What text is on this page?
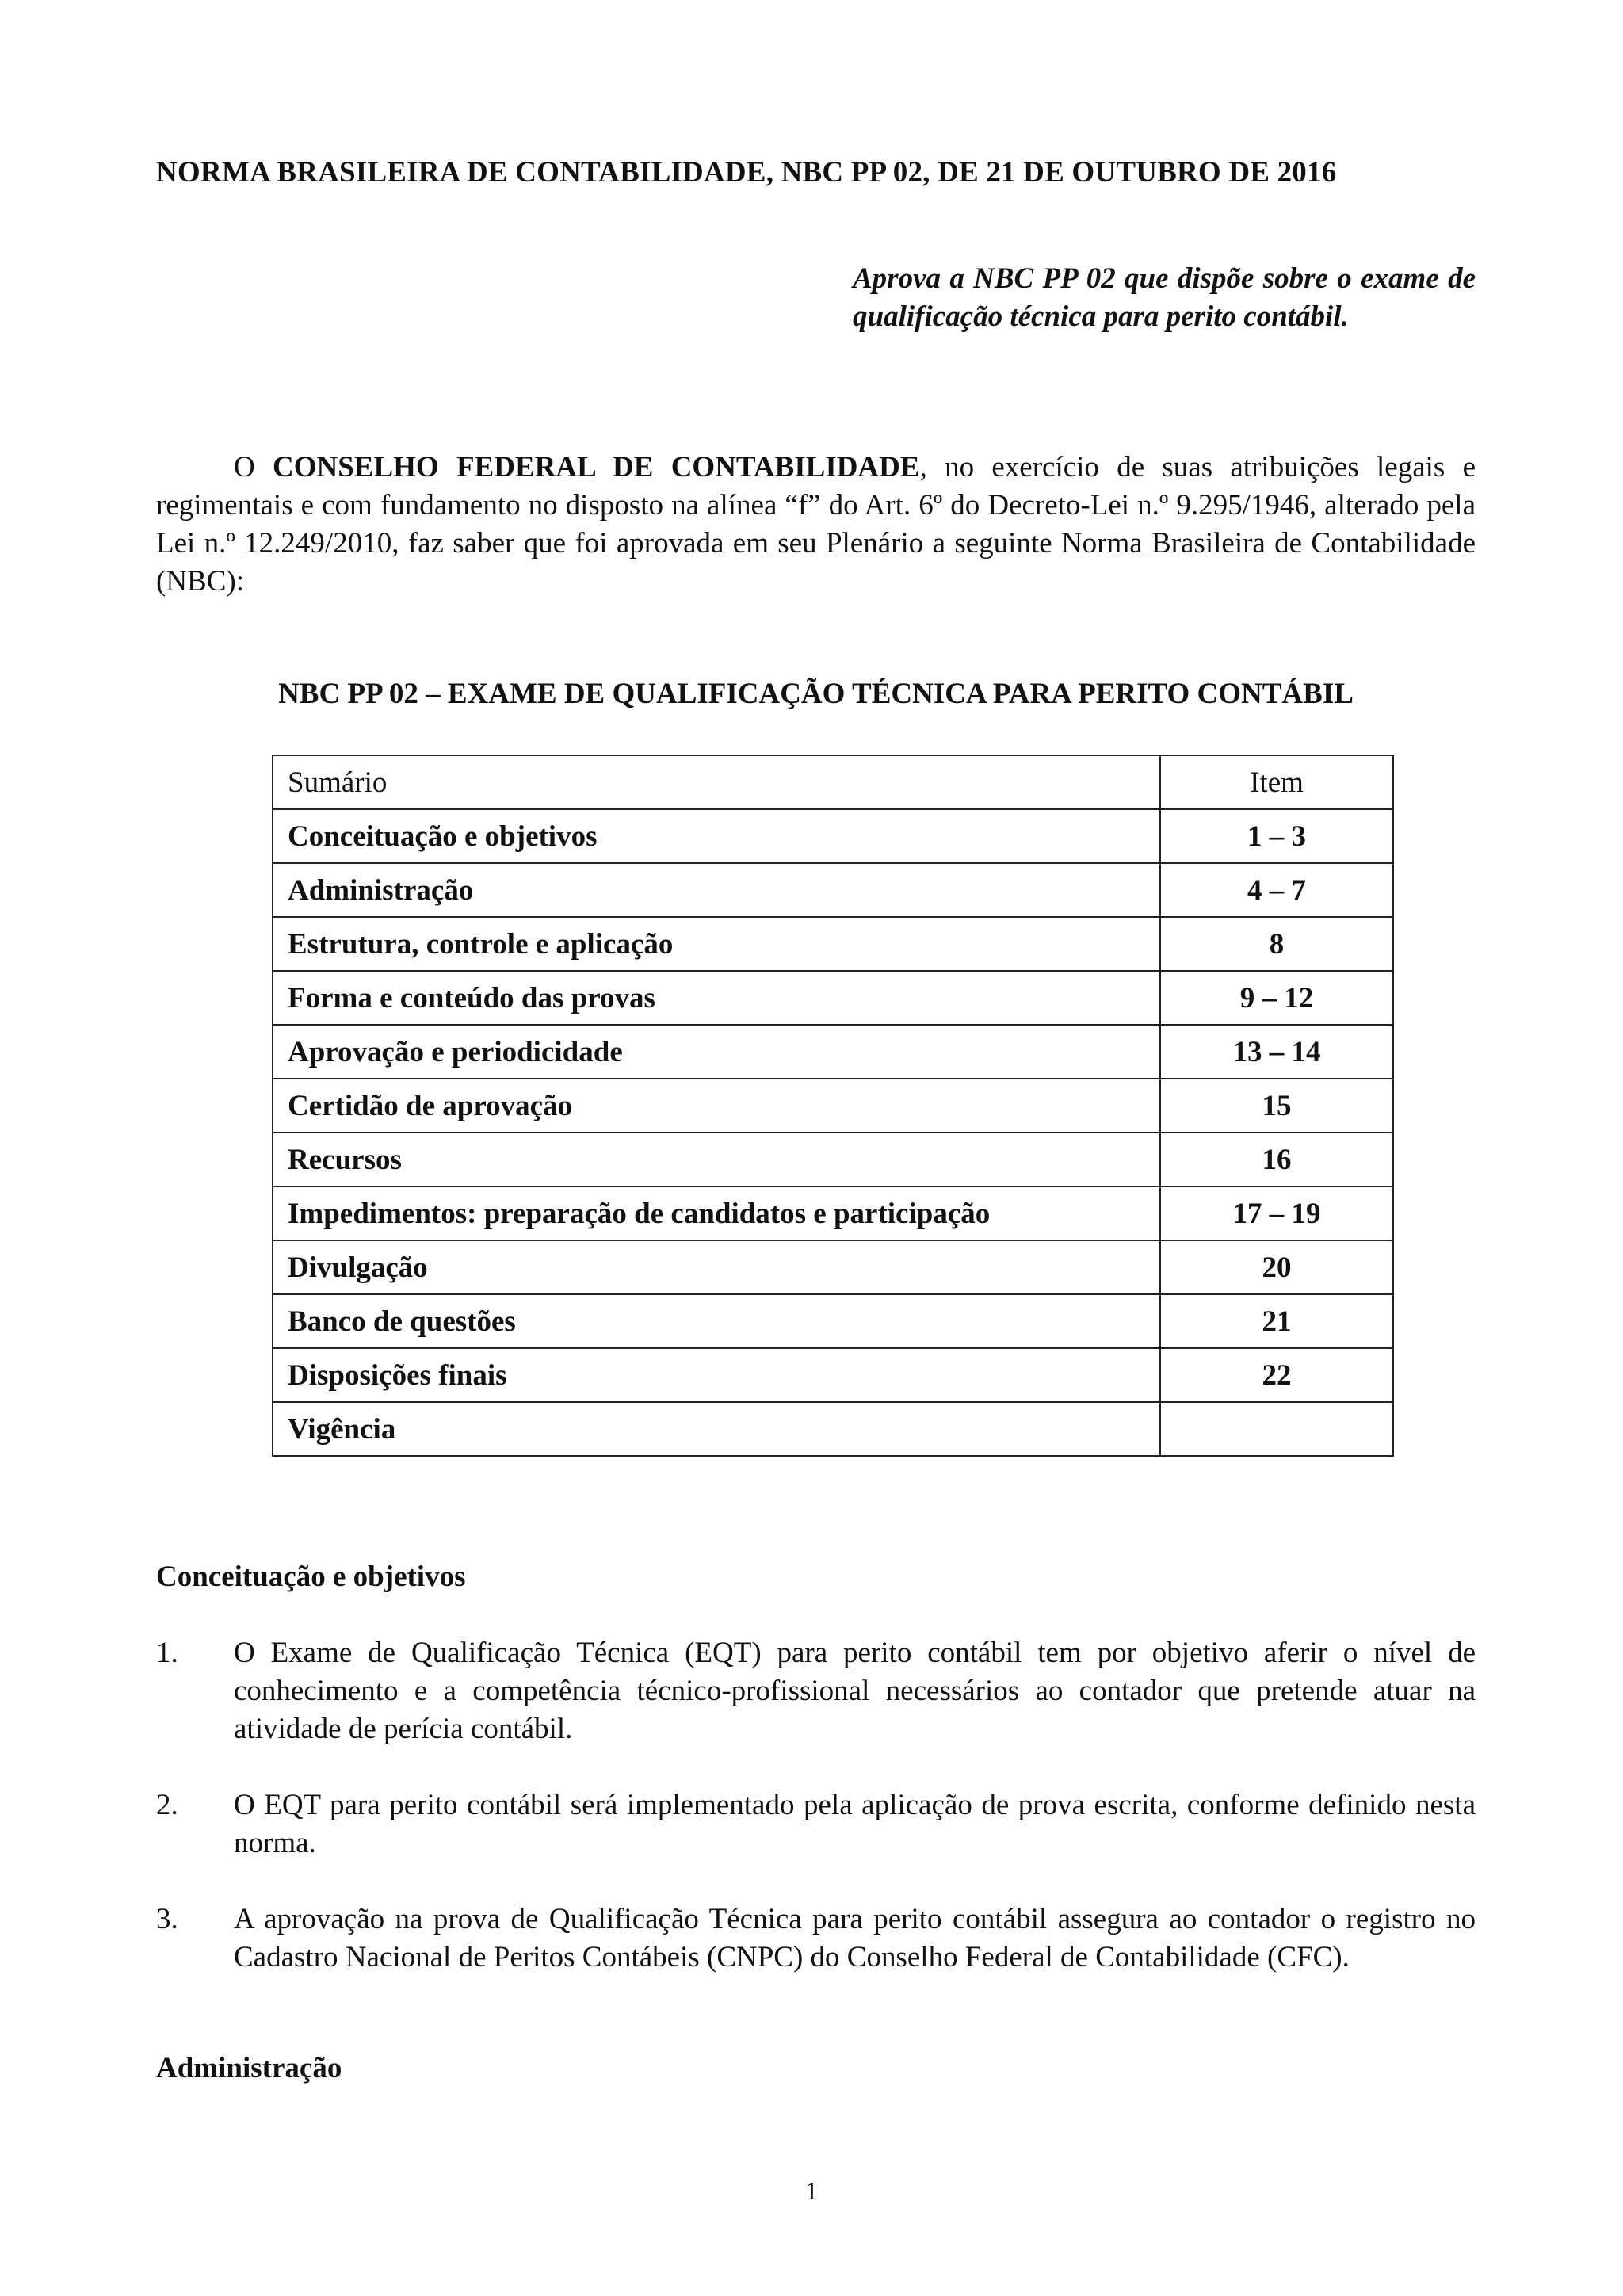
NORMA BRASILEIRA DE CONTABILIDADE, NBC PP 02, DE 21 DE OUTUBRO DE 2016
Aprova a NBC PP 02 que dispõe sobre o exame de qualificação técnica para perito contábil.
O CONSELHO FEDERAL DE CONTABILIDADE, no exercício de suas atribuições legais e regimentais e com fundamento no disposto na alínea “f” do Art. 6º do Decreto-Lei n.º 9.295/1946, alterado pela Lei n.º 12.249/2010, faz saber que foi aprovada em seu Plenário a seguinte Norma Brasileira de Contabilidade (NBC):
NBC PP 02 – EXAME DE QUALIFICAÇÃO TÉCNICA PARA PERITO CONTÁBIL
Sumário	Item
Conceituação e objetivos	1 – 3
Administração	4 – 7
Estrutura, controle e aplicação	8
Forma e conteúdo das provas	9 – 12
Aprovação e periodicidade	13 – 14
Certidão de aprovação	15
Recursos	16
Impedimentos: preparação de candidatos e participação	17 – 19
Divulgação	20
Banco de questões	21
Disposições finais	22
Vigência	
Conceituação e objetivos
1. O Exame de Qualificação Técnica (EQT) para perito contábil tem por objetivo aferir o nível de conhecimento e a competência técnico-profissional necessários ao contador que pretende atuar na atividade de perícia contábil.
2. O EQT para perito contábil será implementado pela aplicação de prova escrita, conforme definido nesta norma.
3. A aprovação na prova de Qualificação Técnica para perito contábil assegura ao contador o registro no Cadastro Nacional de Peritos Contábeis (CNPC) do Conselho Federal de Contabilidade (CFC).
Administração
1
